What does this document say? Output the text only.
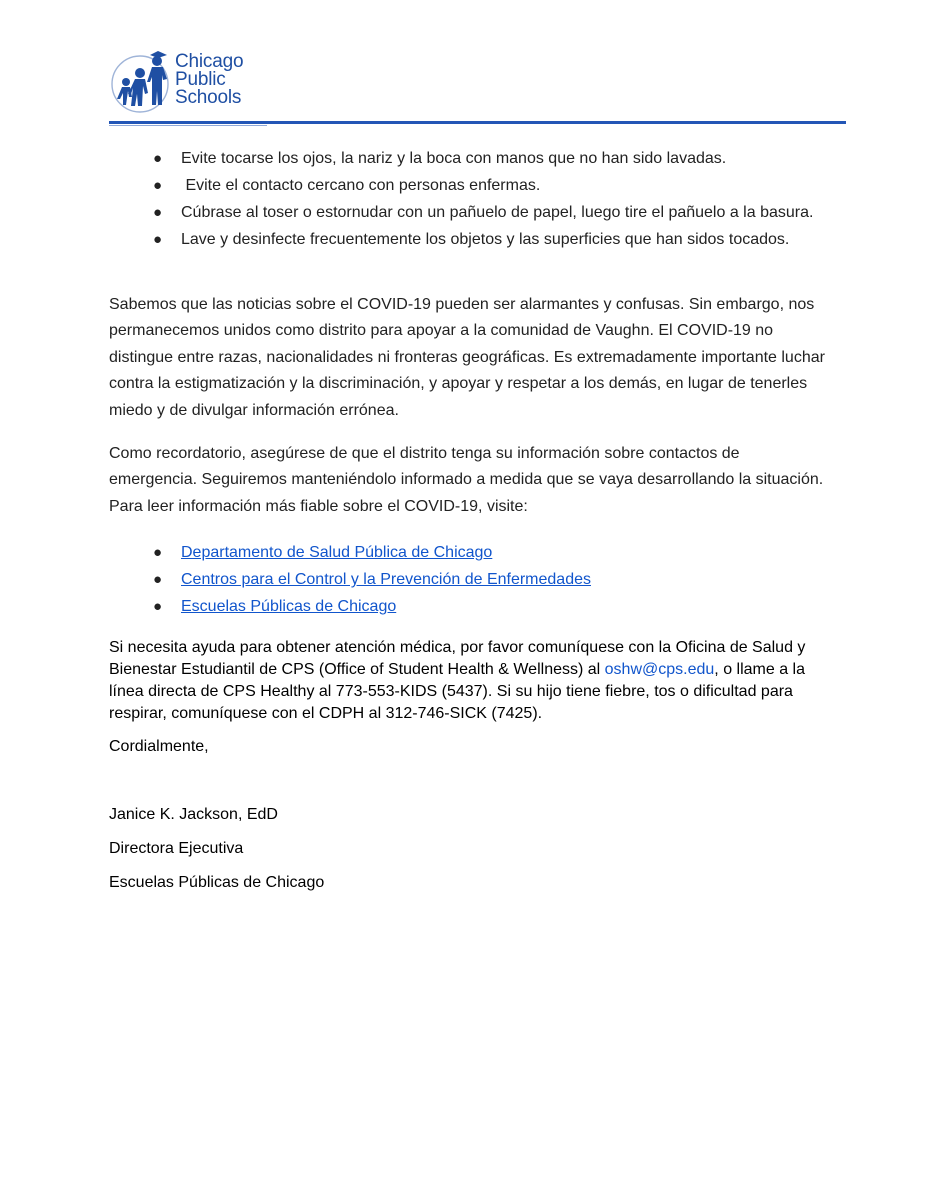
Chicago
Public
Schools
● Evite tocarse los ojos, la nariz y la boca con manos que no han sido lavadas.
● Evite el contacto cercano con personas enfermas.
● Cúbrase al toser o estornudar con un pañuelo de papel, luego tire el pañuelo a la basura.
● Lave y desinfecte frecuentemente los objetos y las superficies que han sidos tocados.

Sabemos que las noticias sobre el COVID-19 pueden ser alarmantes y confusas. Sin embargo, nos permanecemos unidos como distrito para apoyar a la comunidad de Vaughn. El COVID-19 no distingue entre razas, nacionalidades ni fronteras geográficas. Es extremadamente importante luchar contra la estigmatización y la discriminación, y apoyar y respetar a los demás, en lugar de tenerles miedo y de divulgar información errónea.

Como recordatorio, asegúrese de que el distrito tenga su información sobre contactos de emergencia. Seguiremos manteniéndolo informado a medida que se vaya desarrollando la situación. Para leer información más fiable sobre el COVID-19, visite:

● Departamento de Salud Pública de Chicago
● Centros para el Control y la Prevención de Enfermedades
● Escuelas Públicas de Chicago

Si necesita ayuda para obtener atención médica, por favor comuníquese con la Oficina de Salud y Bienestar Estudiantil de CPS (Office of Student Health & Wellness) al oshw@cps.edu, o llame a la línea directa de CPS Healthy al 773-553-KIDS (5437). Si su hijo tiene fiebre, tos o dificultad para respirar, comuníquese con el CDPH al 312-746-SICK (7425).

Cordialmente,

Janice K. Jackson, EdD

Directora Ejecutiva

Escuelas Públicas de Chicago
